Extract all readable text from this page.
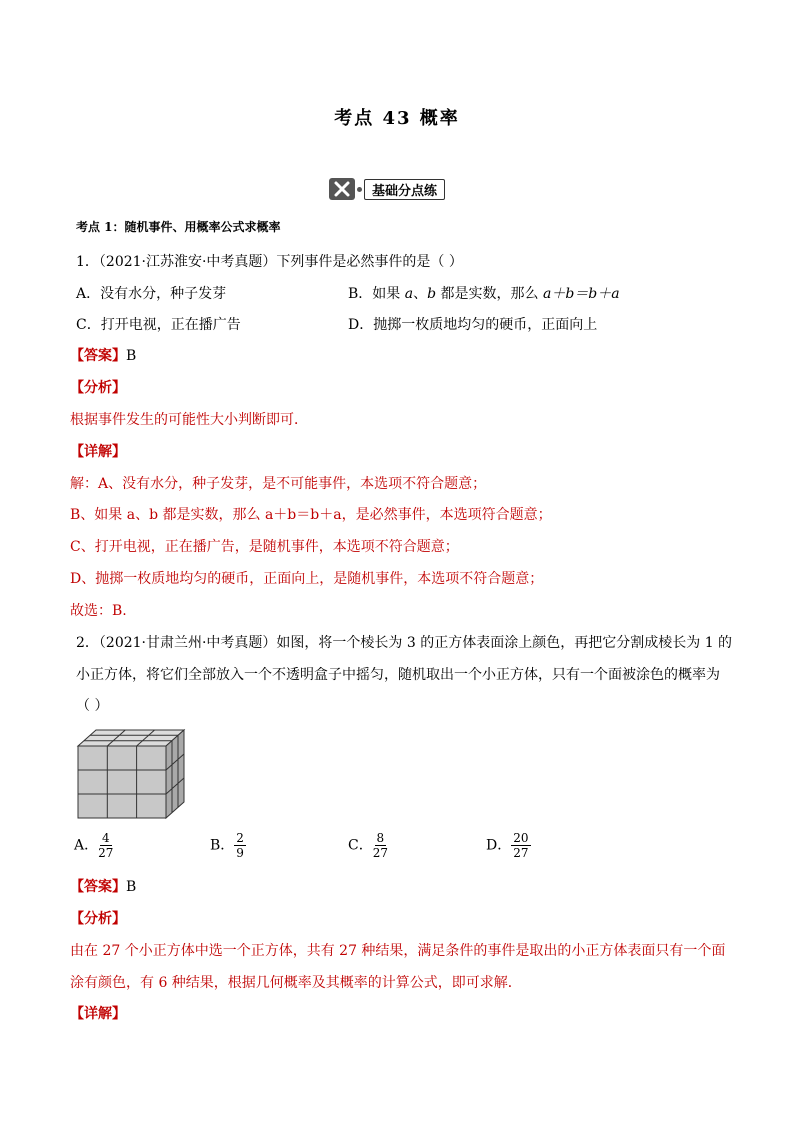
考点 43 概率
基础分点练
考点 1：随机事件、用概率公式求概率
1．（2021·江苏淮安·中考真题）下列事件是必然事件的是（ ）
A．没有水分，种子发芽	B．如果 a、b 都是实数，那么 a＋b＝b＋a
C．打开电视，正在播广告	D．抛掷一枚质地均匀的硬币，正面向上
【答案】B
【分析】
根据事件发生的可能性大小判断即可．
【详解】
解：A、没有水分，种子发芽，是不可能事件，本选项不符合题意；
B、如果 a、b 都是实数，那么 a＋b＝b＋a，是必然事件，本选项符合题意；
C、打开电视，正在播广告，是随机事件，本选项不符合题意；
D、抛掷一枚质地均匀的硬币，正面向上，是随机事件，本选项不符合题意；
故选：B.
2．（2021·甘肃兰州·中考真题）如图，将一个棱长为 3 的正方体表面涂上颜色，再把它分割成棱长为 1 的
小正方体，将它们全部放入一个不透明盒子中摇匀，随机取出一个小正方体，只有一个面被涂色的概率为
（ ）
A． $\frac{4}{27}$	B． $\frac{2}{9}$	C． $\frac{8}{27}$	D． $\frac{20}{27}$
【答案】B
【分析】
由在 27 个小正方体中选一个正方体，共有 27 种结果，满足条件的事件是取出的小正方体表面只有一个面
涂有颜色，有 6 种结果，根据几何概率及其概率的计算公式，即可求解．
【详解】
